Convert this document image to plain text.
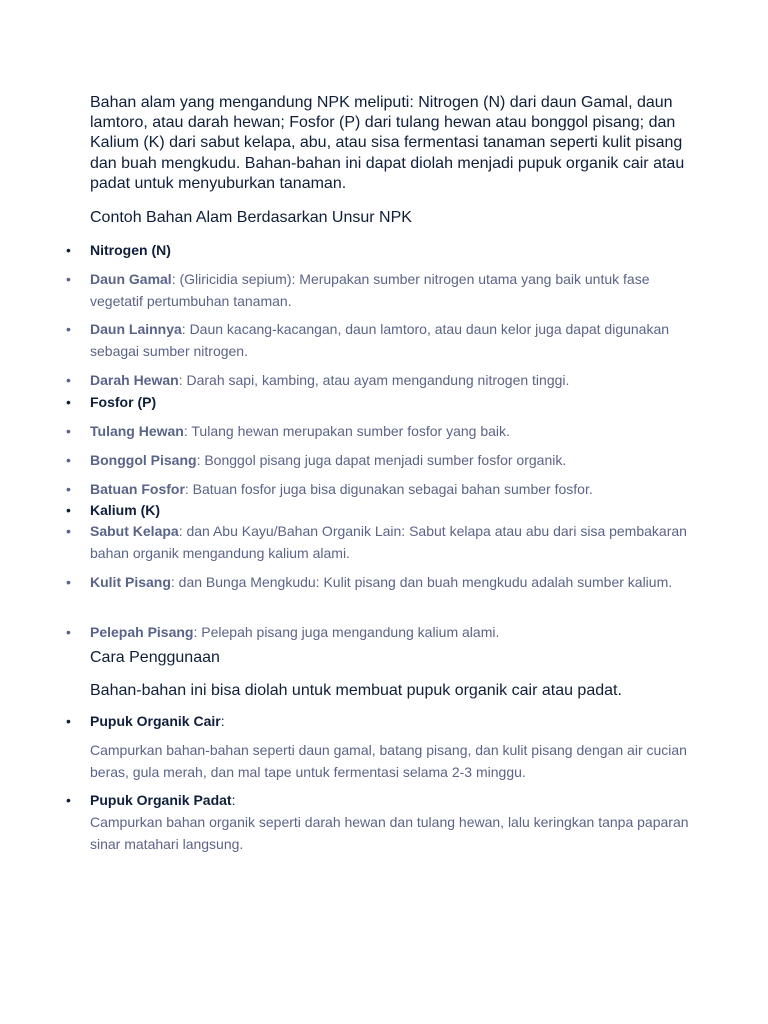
Bahan alam yang mengandung NPK meliputi: Nitrogen (N) dari daun Gamal, daun lamtoro, atau darah hewan; Fosfor (P) dari tulang hewan atau bonggol pisang; dan Kalium (K) dari sabut kelapa, abu, atau sisa fermentasi tanaman seperti kulit pisang dan buah mengkudu. Bahan-bahan ini dapat diolah menjadi pupuk organik cair atau padat untuk menyuburkan tanaman.

Contoh Bahan Alam Berdasarkan Unsur NPK

• Nitrogen (N)
• Daun Gamal: (Gliricidia sepium): Merupakan sumber nitrogen utama yang baik untuk fase vegetatif pertumbuhan tanaman.
• Daun Lainnya: Daun kacang-kacangan, daun lamtoro, atau daun kelor juga dapat digunakan sebagai sumber nitrogen.
• Darah Hewan: Darah sapi, kambing, atau ayam mengandung nitrogen tinggi.
• Fosfor (P)
• Tulang Hewan: Tulang hewan merupakan sumber fosfor yang baik.
• Bonggol Pisang: Bonggol pisang juga dapat menjadi sumber fosfor organik.
• Batuan Fosfor: Batuan fosfor juga bisa digunakan sebagai bahan sumber fosfor.
• Kalium (K)
• Sabut Kelapa: dan Abu Kayu/Bahan Organik Lain: Sabut kelapa atau abu dari sisa pembakaran bahan organik mengandung kalium alami.
• Kulit Pisang: dan Bunga Mengkudu: Kulit pisang dan buah mengkudu adalah sumber kalium.
• Pelepah Pisang: Pelepah pisang juga mengandung kalium alami.

Cara Penggunaan

Bahan-bahan ini bisa diolah untuk membuat pupuk organik cair atau padat.

• Pupuk Organik Cair:

Campurkan bahan-bahan seperti daun gamal, batang pisang, dan kulit pisang dengan air cucian beras, gula merah, dan mal tape untuk fermentasi selama 2-3 minggu.

• Pupuk Organik Padat:

Campurkan bahan organik seperti darah hewan dan tulang hewan, lalu keringkan tanpa paparan sinar matahari langsung.
